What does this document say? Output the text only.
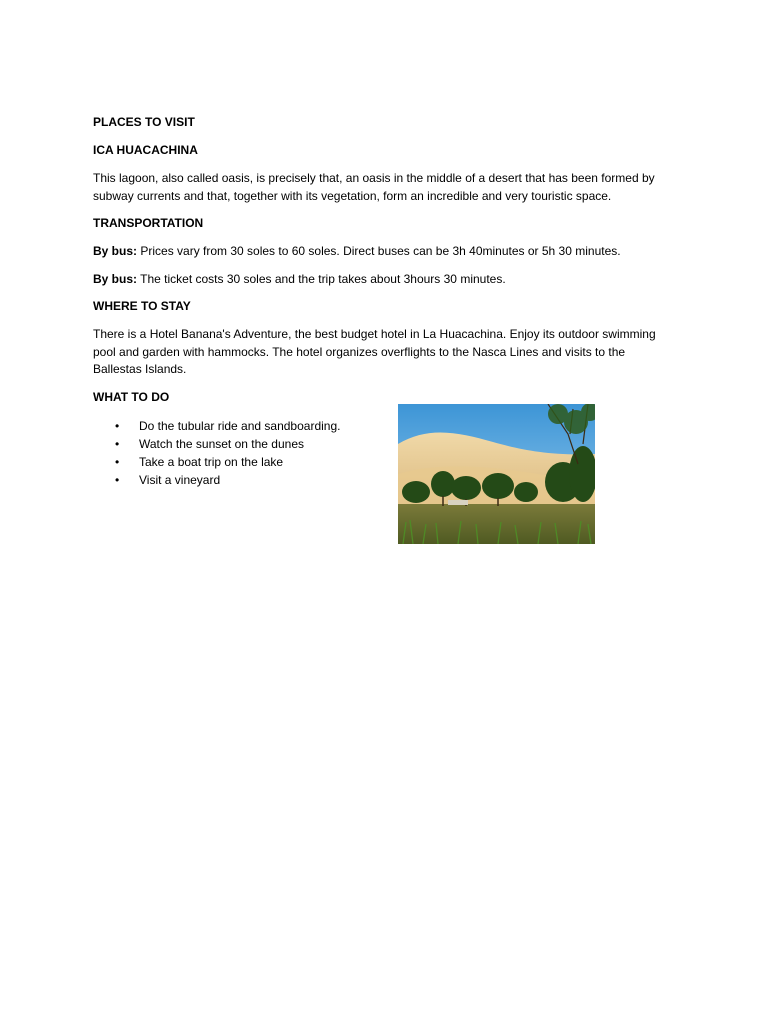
PLACES TO VISIT
ICA HUACACHINA
This lagoon, also called oasis, is precisely that, an oasis in the middle of a desert that has been formed by subway currents and that, together with its vegetation, form an incredible and very touristic space.
TRANSPORTATION
By bus: Prices vary from 30 soles to 60 soles. Direct buses can be 3h 40minutes or 5h 30 minutes.
By bus: The ticket costs 30 soles and the trip takes about 3hours 30 minutes.
WHERE TO STAY
There is a Hotel Banana's Adventure, the best budget hotel in La Huacachina. Enjoy its outdoor swimming pool and garden with hammocks. The hotel organizes overflights to the Nasca Lines and visits to the Ballestas Islands.
WHAT TO DO
• Do the tubular ride and sandboarding.
• Watch the sunset on the dunes
• Take a boat trip on the lake
• Visit a vineyard
